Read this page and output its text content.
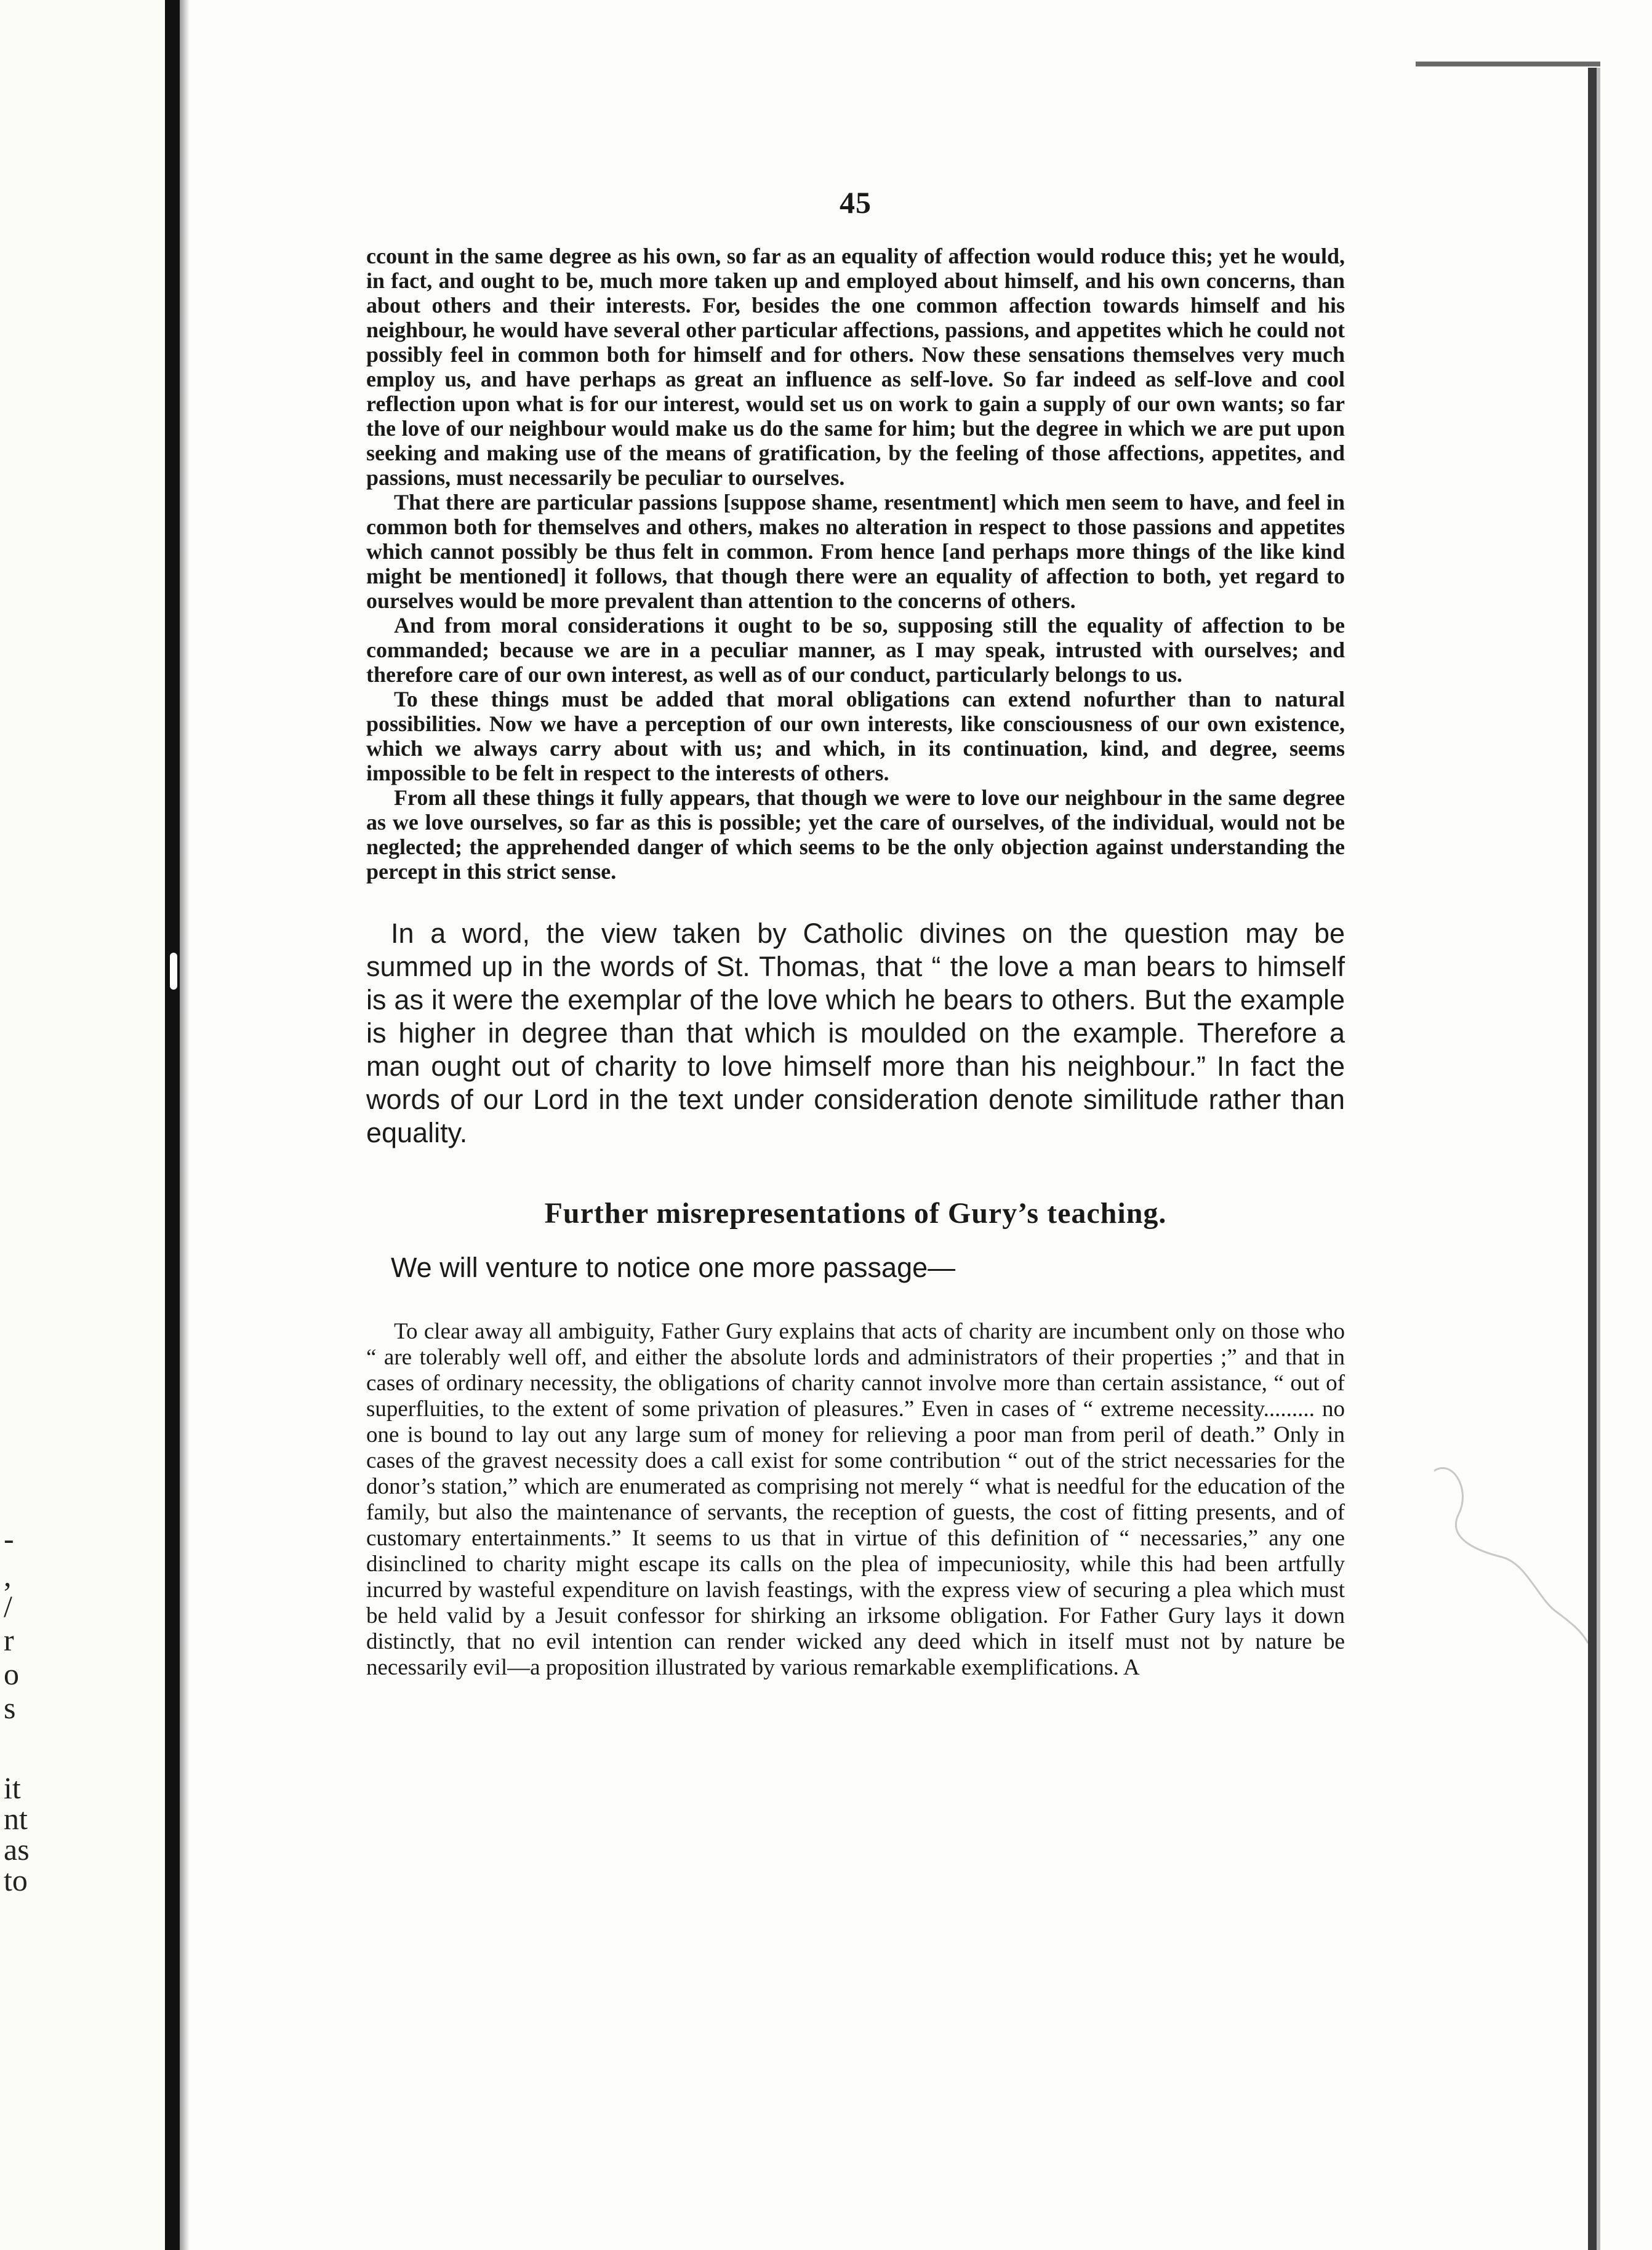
-
,
/
r
o
s
it
nt
as
to
45

ccount in the same degree as his own, so far as an equality of affection would roduce this; yet he would, in fact, and ought to be, much more taken up and employed about himself, and his own concerns, than about others and their interests. For, besides the one common affection towards himself and his neighbour, he would have several other particular affections, passions, and appetites which he could not possibly feel in common both for himself and for others. Now these sensations themselves very much employ us, and have perhaps as great an influence as self-love. So far indeed as self-love and cool reflection upon what is for our interest, would set us on work to gain a supply of our own wants; so far the love of our neighbour would make us do the same for him; but the degree in which we are put upon seeking and making use of the means of gratification, by the feeling of those affections, appetites, and passions, must necessarily be peculiar to ourselves.

That there are particular passions [suppose shame, resentment] which men seem to have, and feel in common both for themselves and others, makes no alteration in respect to those passions and appetites which cannot possibly be thus felt in common. From hence [and perhaps more things of the like kind might be mentioned] it follows, that though there were an equality of affection to both, yet regard to ourselves would be more prevalent than attention to the concerns of others.

And from moral considerations it ought to be so, supposing still the equality of affection to be commanded; because we are in a peculiar manner, as I may speak, intrusted with ourselves; and therefore care of our own interest, as well as of our conduct, particularly belongs to us.

To these things must be added that moral obligations can extend nofurther than to natural possibilities. Now we have a perception of our own interests, like consciousness of our own existence, which we always carry about with us; and which, in its continuation, kind, and degree, seems impossible to be felt in respect to the interests of others.

From all these things it fully appears, that though we were to love our neighbour in the same degree as we love ourselves, so far as this is possible; yet the care of ourselves, of the individual, would not be neglected; the apprehended danger of which seems to be the only objection against understanding the percept in this strict sense.

In a word, the view taken by Catholic divines on the question may be summed up in the words of St. Thomas, that “ the love a man bears to himself is as it were the exemplar of the love which he bears to others. But the example is higher in degree than that which is moulded on the example. Therefore a man ought out of charity to love himself more than his neighbour.” In fact the words of our Lord in the text under consideration denote similitude rather than equality.

Further misrepresentations of Gury’s teaching.
We will venture to notice one more passage—

To clear away all ambiguity, Father Gury explains that acts of charity are incumbent only on those who “ are tolerably well off, and either the absolute lords and administrators of their properties ;” and that in cases of ordinary necessity, the obligations of charity cannot involve more than certain assistance, “ out of superfluities, to the extent of some privation of pleasures.” Even in cases of “ extreme necessity......... no one is bound to lay out any large sum of money for relieving a poor man from peril of death.” Only in cases of the gravest necessity does a call exist for some contribution “ out of the strict necessaries for the donor’s station,” which are enumerated as comprising not merely “ what is needful for the education of the family, but also the maintenance of servants, the reception of guests, the cost of fitting presents, and of customary entertainments.” It seems to us that in virtue of this definition of “ necessaries,” any one disinclined to charity might escape its calls on the plea of impecuniosity, while this had been artfully incurred by wasteful expenditure on lavish feastings, with the express view of securing a plea which must be held valid by a Jesuit confessor for shirking an irksome obligation. For Father Gury lays it down distinctly, that no evil intention can render wicked any deed which in itself must not by nature be necessarily evil—a proposition illustrated by various remarkable exemplifications. A
